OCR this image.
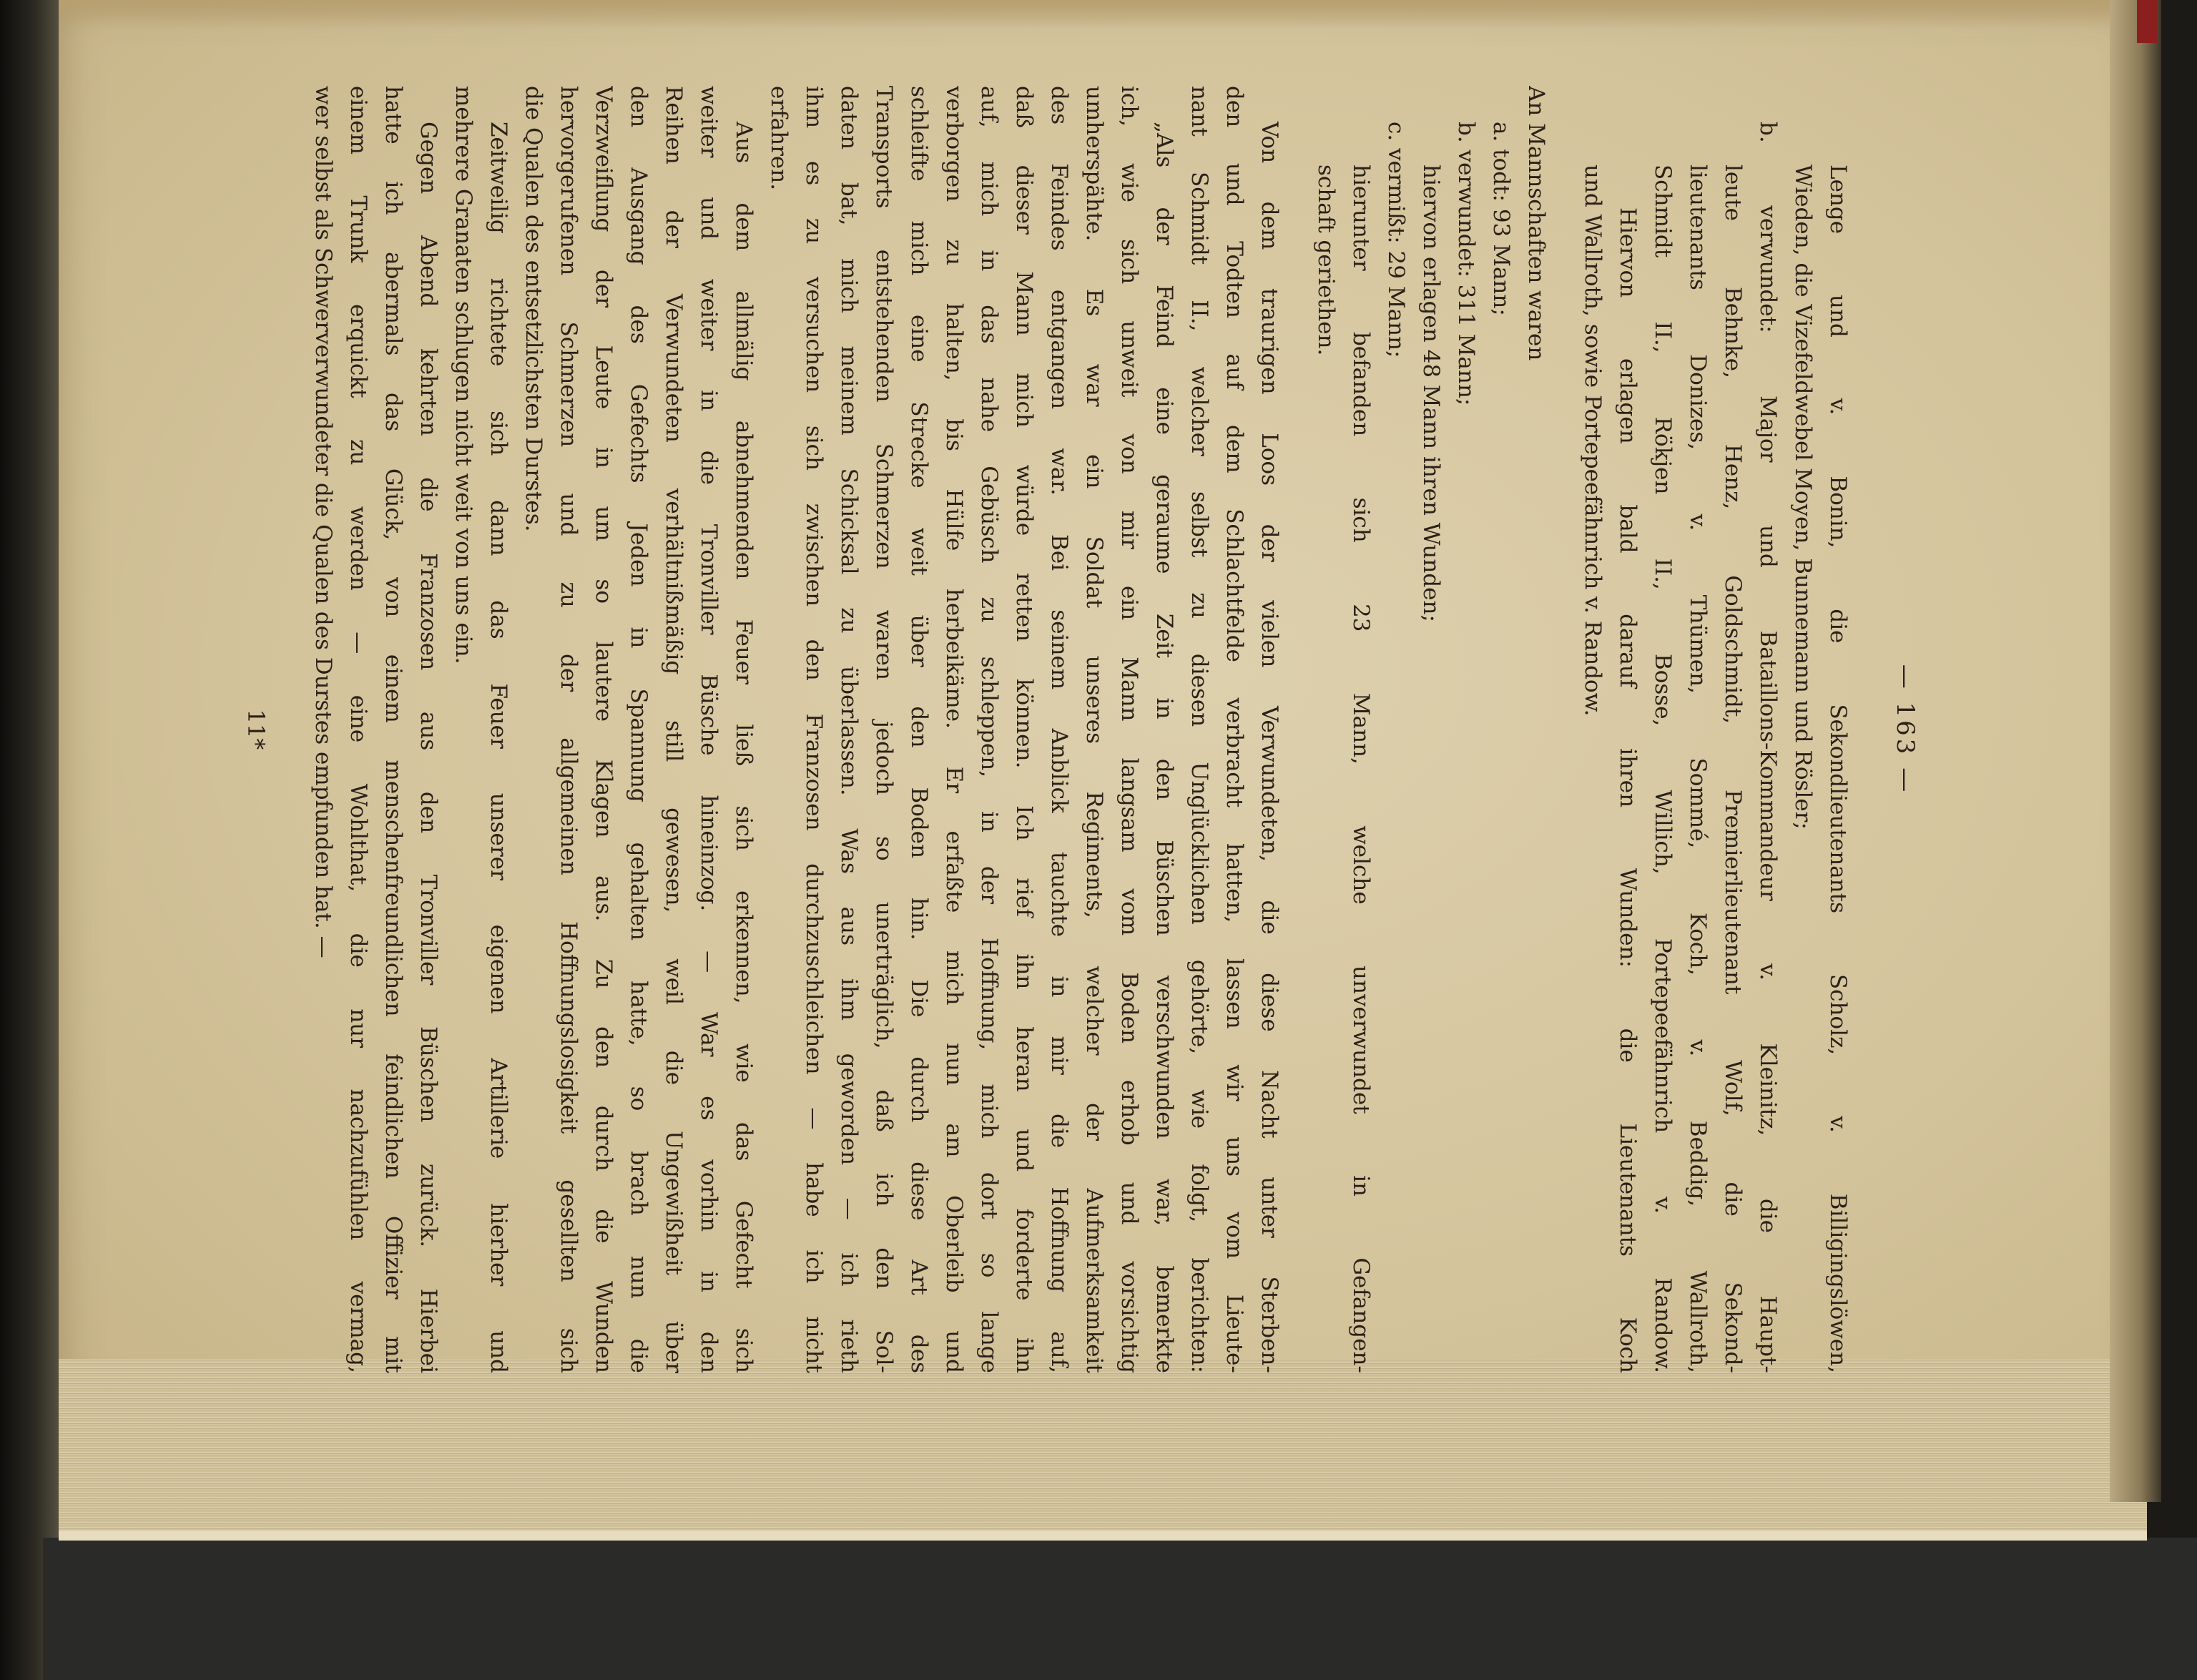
— 163 —
Lenge und v. Bonin, die Sekondlieutenants Scholz, v. Billigingslöwen,
Wieden, die Vizefeldwebel Moyen, Bunnemann und Rösler;
b. verwundet: Major und Bataillons-Kommandeur v. Kleinitz, die Haupt-
leute Behnke, Henz, Goldschmidt, Premierlieutenant Wolf, die Sekond-
lieutenants Donizes, v. Thümen, Sommé, Koch, v. Beddig, Wallroth,
Schmidt II., Rökjen II., Bosse, Willich, Portepeefähnrich v. Randow.
Hiervon erlagen bald darauf ihren Wunden: die Lieutenants Koch
und Wallroth, sowie Portepeefähnrich v. Randow.
An Mannschaften waren
a. todt: 93 Mann;
b. verwundet: 311 Mann;
hiervon erlagen 48 Mann ihren Wunden;
c. vermißt: 29 Mann;
hierunter befanden sich 23 Mann, welche unverwundet in Gefangen-
schaft geriethen.
Von dem traurigen Loos der vielen Verwundeten, die diese Nacht unter Sterben-
den und Todten auf dem Schlachtfelde verbracht hatten, lassen wir uns vom Lieute-
nant Schmidt II., welcher selbst zu diesen Unglücklichen gehörte, wie folgt, berichten:
„Als der Feind eine geraume Zeit in den Büschen verschwunden war, bemerkte
ich, wie sich unweit von mir ein Mann langsam vom Boden erhob und vorsichtig
umherspähte. Es war ein Soldat unseres Regiments, welcher der Aufmerksamkeit
des Feindes entgangen war. Bei seinem Anblick tauchte in mir die Hoffnung auf,
daß dieser Mann mich würde retten können. Ich rief ihn heran und forderte ihn
auf, mich in das nahe Gebüsch zu schleppen, in der Hoffnung, mich dort so lange
verborgen zu halten, bis Hülfe herbeikäme. Er erfaßte mich nun am Oberleib und
schleifte mich eine Strecke weit über den Boden hin. Die durch diese Art des
Transports entstehenden Schmerzen waren jedoch so unerträglich, daß ich den Sol-
daten bat, mich meinem Schicksal zu überlassen. Was aus ihm geworden — ich rieth
ihm es zu versuchen sich zwischen den Franzosen durchzuschleichen — habe ich nicht
erfahren.
Aus dem allmälig abnehmenden Feuer ließ sich erkennen, wie das Gefecht sich
weiter und weiter in die Tronviller Büsche hineinzog. — War es vorhin in den
Reihen der Verwundeten verhältnißmäßig still gewesen, weil die Ungewißheit über
den Ausgang des Gefechts Jeden in Spannung gehalten hatte, so brach nun die
Verzweiflung der Leute in um so lautere Klagen aus. Zu den durch die Wunden
hervorgerufenen Schmerzen und zu der allgemeinen Hoffnungslosigkeit gesellten sich
die Qualen des entsetzlichsten Durstes.
Zeitweilig richtete sich dann das Feuer unserer eigenen Artillerie hierher und
mehrere Granaten schlugen nicht weit von uns ein.
Gegen Abend kehrten die Franzosen aus den Tronviller Büschen zurück. Hierbei
hatte ich abermals das Glück, von einem menschenfreundlichen feindlichen Offizier mit
einem Trunk erquickt zu werden — eine Wohlthat, die nur nachzufühlen vermag,
wer selbst als Schwerverwundeter die Qualen des Durstes empfunden hat. —
11*
